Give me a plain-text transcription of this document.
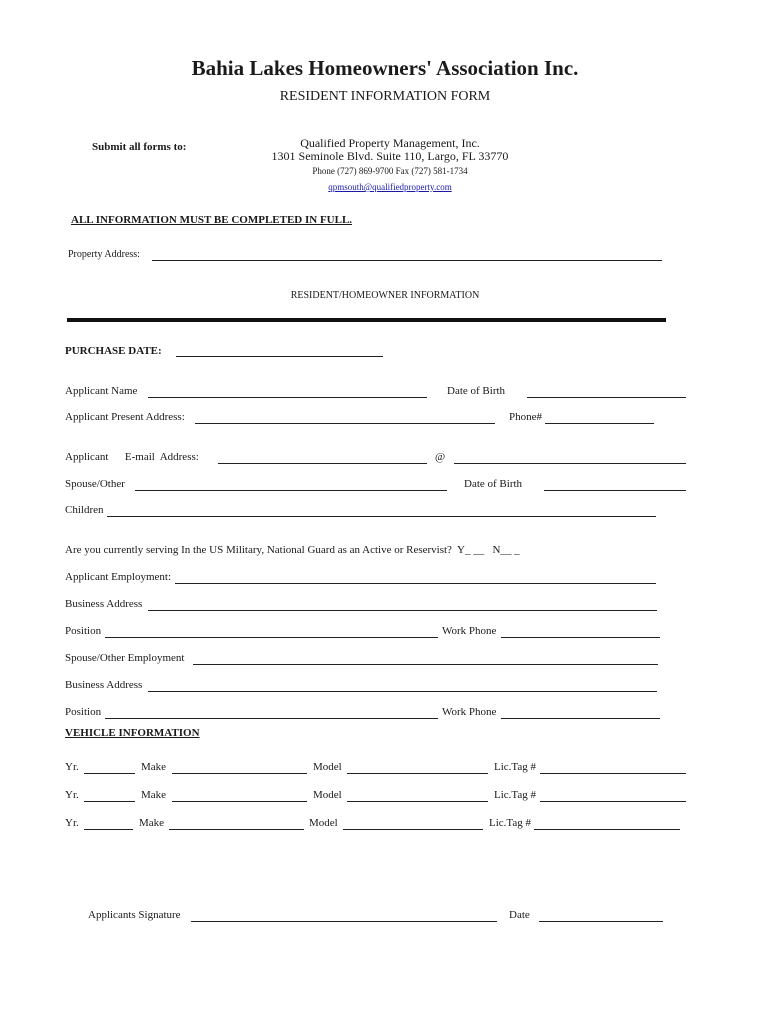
Bahia Lakes Homeowners' Association Inc.
RESIDENT INFORMATION FORM
Submit all forms to:	Qualified Property Management, Inc.
1301 Seminole Blvd. Suite 110, Largo, FL 33770
Phone (727) 869-9700 Fax (727) 581-1734
qpmsouth@qualifiedproperty.com
ALL INFORMATION MUST BE COMPLETED IN FULL.
Property Address:
RESIDENT/HOMEOWNER INFORMATION
PURCHASE DATE:
Applicant Name	Date of Birth
Applicant Present Address:	Phone#
Applicant      E-mail  Address:	@
Spouse/Other	Date of Birth
Children
Are you currently serving In the US Military, National Guard as an Active or Reservist?  Y_ __   N__ _
Applicant Employment:
Business Address
Position	Work Phone
Spouse/Other Employment
Business Address
Position	Work Phone
VEHICLE INFORMATION
Yr.	Make	Model	Lic.Tag #
Yr.	Make	Model	Lic.Tag #
Yr.	Make	Model	Lic.Tag #
Applicants Signature	Date
